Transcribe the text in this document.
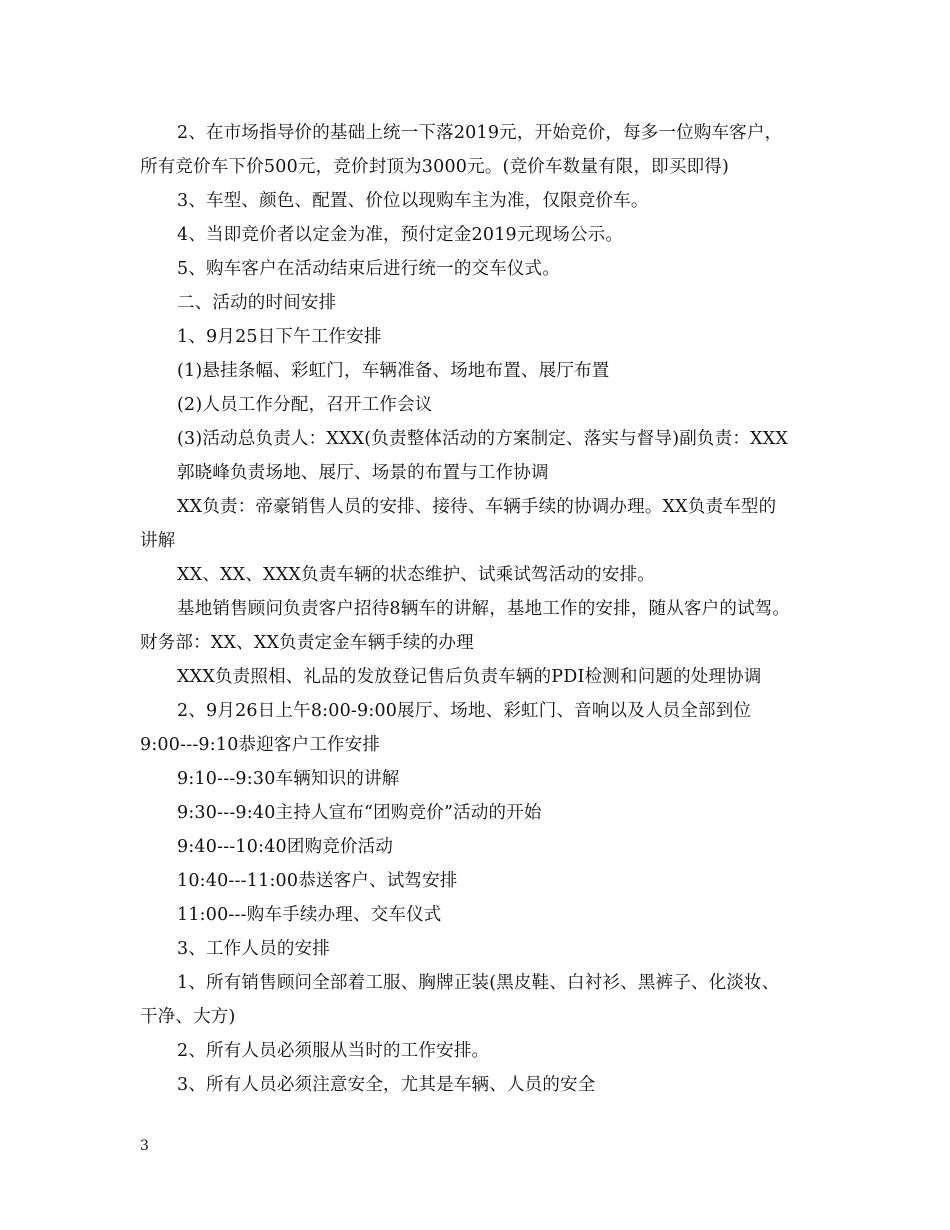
2、在市场指导价的基础上统一下落2019元，开始竞价，每多一位购车客户，
所有竞价车下价500元，竞价封顶为3000元。(竞价车数量有限，即买即得)
3、车型、颜色、配置、价位以现购车主为准，仅限竞价车。
4、当即竞价者以定金为准，预付定金2019元现场公示。
5、购车客户在活动结束后进行统一的交车仪式。
二、活动的时间安排
1、9月25日下午工作安排
(1)悬挂条幅、彩虹门，车辆准备、场地布置、展厅布置
(2)人员工作分配，召开工作会议
(3)活动总负责人：XXX(负责整体活动的方案制定、落实与督导)副负责：XXX
郭晓峰负责场地、展厅、场景的布置与工作协调
XX负责：帝豪销售人员的安排、接待、车辆手续的协调办理。XX负责车型的
讲解
XX、XX、XXX负责车辆的状态维护、试乘试驾活动的安排。
基地销售顾问负责客户招待8辆车的讲解，基地工作的安排，随从客户的试驾。
财务部：XX、XX负责定金车辆手续的办理
XXX负责照相、礼品的发放登记售后负责车辆的PDI检测和问题的处理协调
2、9月26日上午8:00-9:00展厅、场地、彩虹门、音响以及人员全部到位
9:00---9:10恭迎客户工作安排
9:10---9:30车辆知识的讲解
9:30---9:40主持人宣布“团购竞价”活动的开始
9:40---10:40团购竞价活动
10:40---11:00恭送客户、试驾安排
11:00---购车手续办理、交车仪式
3、工作人员的安排
1、所有销售顾问全部着工服、胸牌正装(黑皮鞋、白衬衫、黑裤子、化淡妆、
干净、大方)
2、所有人员必须服从当时的工作安排。
3、所有人员必须注意安全，尤其是车辆、人员的安全
3
